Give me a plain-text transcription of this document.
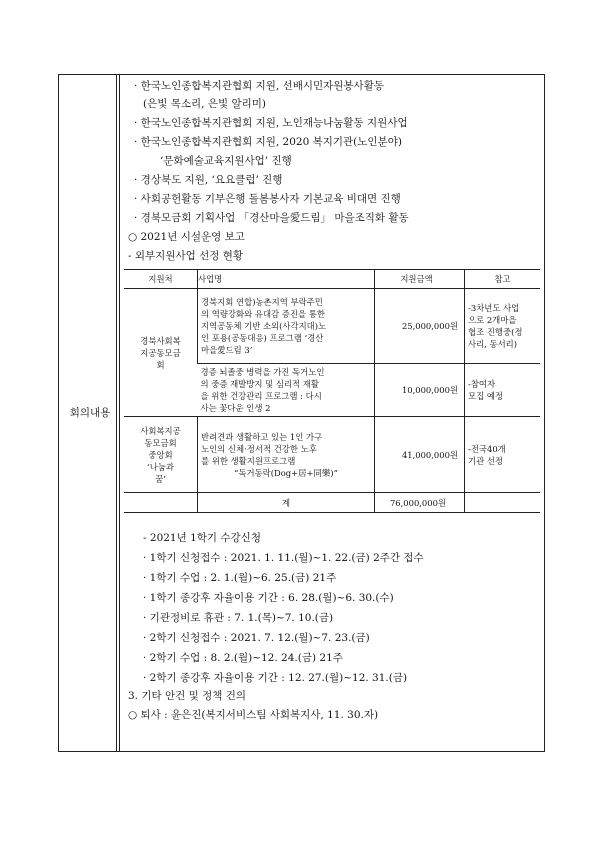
회의내용
· 한국노인종합복지관협회 지원, 선배시민자원봉사활동
(은빛 목소리, 은빛 알리미)
· 한국노인종합복지관협회 지원, 노인재능나눔활동 지원사업
· 한국노인종합복지관협회 지원, 2020 복지기관(노인분야)
‘문화예술교육지원사업’ 진행
· 경상북도 지원, ‘요요클럽’ 진행
· 사회공헌활동 기부은행 돌봄봉사자 기본교육 비대면 진행
· 경북모금회 기획사업 「경산마을愛드림」 마을조직화 활동
○ 2021년 시설운영 보고
- 외부지원사업 선정 현황
지원처	사업명	지원금액	참고

경북사회복
지공동모금
회	경북지회 연합)농촌지역 부락주민
의 역량강화와 유대감 증진을 통한
지역공동체 기반 소외(사각지대)노
인 포용(공동대응) 프로그램 ‘경산
마을愛드림 3’	25,000,000원	-3차년도 사업
으로 2개마을
협조 진행중(정
사리, 동서리)

	경증 뇌졸중 병력을 가진 독거노인
의 중증 재발방지 및 심리적 재활
을 위한 건강관리 프로그램 : 다시
사는 꽃다운 인생 2	10,000,000원	-참여자
모집 예정

사회복지공
동모금회
중앙회
‘나눔과
꿈’	반려견과 생활하고 있는 1인 가구
노인의 신체·정서적 건강한 노후
를 위한 생활지원프로그램
“독거동락(Dog+居+同樂)”	41,000,000원	-전국40개
기관 선정

	계	76,000,000원	
- 2021년 1학기 수강신청
· 1학기 신청접수 : 2021. 1. 11.(월)~1. 22.(금) 2주간 접수
· 1학기 수업 : 2. 1.(월)~6. 25.(금) 21주
· 1학기 종강후 자율이용 기간 : 6. 28.(월)~6. 30.(수)
· 기관정비로 휴관 : 7. 1.(목)~7. 10.(금)
· 2학기 신청접수 : 2021. 7. 12.(월)~7. 23.(금)
· 2학기 수업 : 8. 2.(월)~12. 24.(금) 21주
· 2학기 종강후 자율이용 기간 : 12. 27.(월)~12. 31.(금)
3. 기타 안건 및 정책 건의
○ 퇴사 : 윤은진(복지서비스팀 사회복지사, 11. 30.자)
